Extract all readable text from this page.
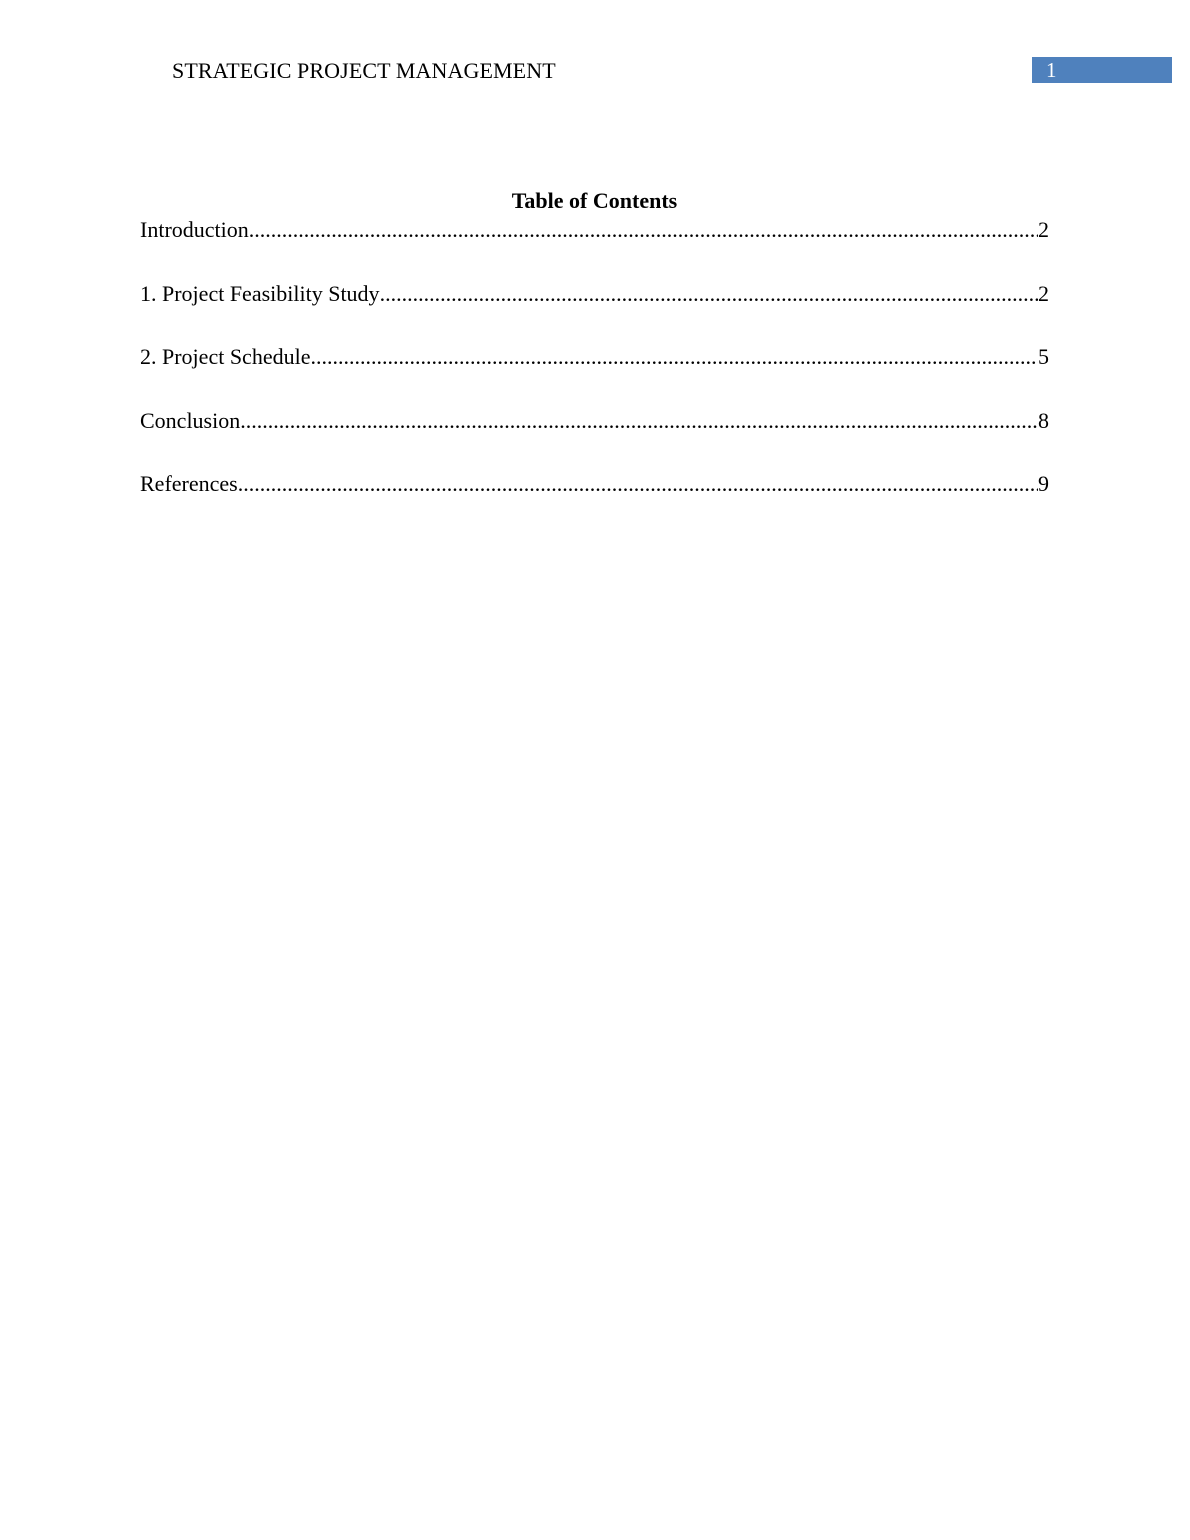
STRATEGIC PROJECT MANAGEMENT	1
Table of Contents
Introduction .....	2
1. Project Feasibility Study .....	2
2. Project Schedule .....	5
Conclusion .....	8
References .....	9
